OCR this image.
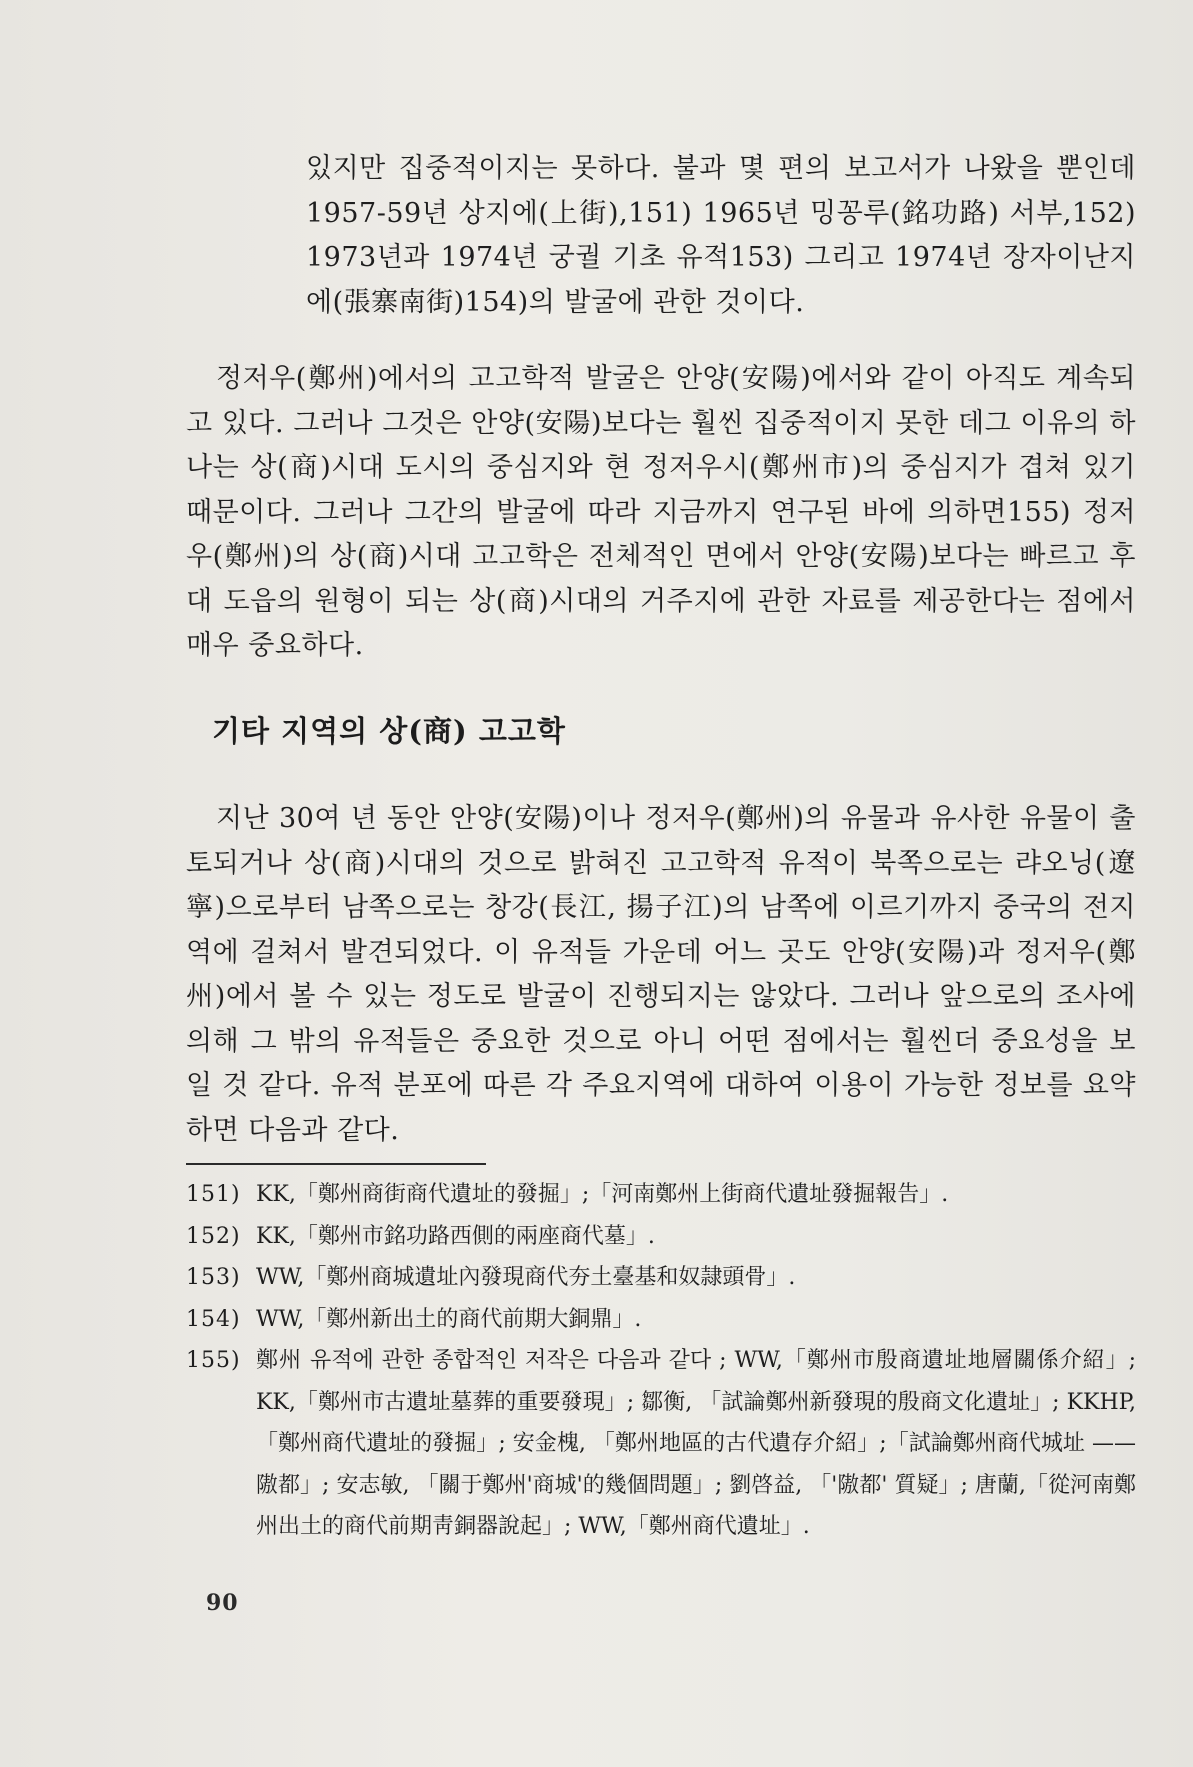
있지만 집중적이지는 못하다. 불과 몇 편의 보고서가 나왔을 뿐인데 1957-59년 상지에(上街),151) 1965년 밍꽁루(銘功路) 서부,152) 1973년과 1974년 궁궐 기초 유적153) 그리고 1974년 장자이난지에(張寨南街)154)의 발굴에 관한 것이다.

정저우(鄭州)에서의 고고학적 발굴은 안양(安陽)에서와 같이 아직도 계속되고 있다. 그러나 그것은 안양(安陽)보다는 훨씬 집중적이지 못한 데그 이유의 하나는 상(商)시대 도시의 중심지와 현 정저우시(鄭州市)의 중심지가 겹쳐 있기 때문이다. 그러나 그간의 발굴에 따라 지금까지 연구된 바에 의하면155) 정저우(鄭州)의 상(商)시대 고고학은 전체적인 면에서 안양(安陽)보다는 빠르고 후대 도읍의 원형이 되는 상(商)시대의 거주지에 관한 자료를 제공한다는 점에서 매우 중요하다.

기타 지역의 상(商) 고고학

지난 30여 년 동안 안양(安陽)이나 정저우(鄭州)의 유물과 유사한 유물이 출토되거나 상(商)시대의 것으로 밝혀진 고고학적 유적이 북쪽으로는 랴오닝(遼寧)으로부터 남쪽으로는 창강(長江, 揚子江)의 남쪽에 이르기까지 중국의 전지역에 걸쳐서 발견되었다. 이 유적들 가운데 어느 곳도 안양(安陽)과 정저우(鄭州)에서 볼 수 있는 정도로 발굴이 진행되지는 않았다. 그러나 앞으로의 조사에 의해 그 밖의 유적들은 중요한 것으로 아니 어떤 점에서는 훨씬더 중요성을 보일 것 같다. 유적 분포에 따른 각 주요지역에 대하여 이용이 가능한 정보를 요약하면 다음과 같다.

151) KK,「鄭州商街商代遺址的發掘」;「河南鄭州上街商代遺址發掘報告」.
152) KK,「鄭州市銘功路西側的兩座商代墓」.
153) WW,「鄭州商城遺址內發現商代夯土臺基和奴隷頭骨」.
154) WW,「鄭州新出土的商代前期大銅鼎」.
155) 鄭州 유적에 관한 종합적인 저작은 다음과 같다 ; WW,「鄭州市殷商遺址地層關係介紹」; KK,「鄭州市古遺址墓葬的重要發現」; 鄒衡, 「試論鄭州新發現的殷商文化遺址」; KKHP,「鄭州商代遺址的發掘」; 安金槐, 「鄭州地區的古代遺存介紹」;「試論鄭州商代城址 —— 隞都」; 安志敏, 「關于鄭州'商城'的幾個問題」; 劉啓益, 「'隞都' 質疑」; 唐蘭,「從河南鄭州出土的商代前期靑銅器說起」; WW,「鄭州商代遺址」.
90
